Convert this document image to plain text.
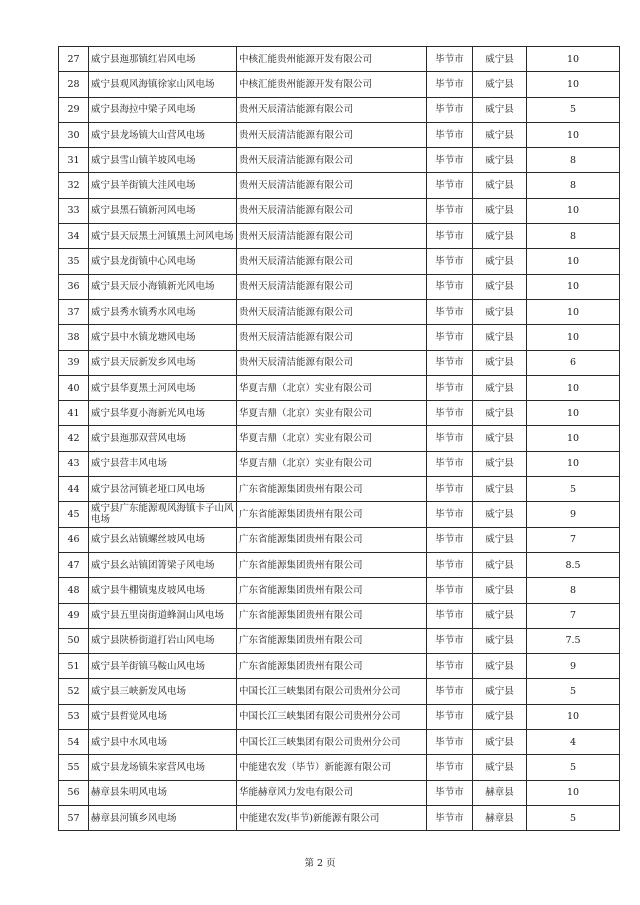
27	威宁县迤那镇红岩风电场	中核汇能贵州能源开发有限公司	毕节市	威宁县	10
28	威宁县观风海镇徐家山风电场	中核汇能贵州能源开发有限公司	毕节市	威宁县	10
29	威宁县海拉中梁子风电场	贵州天辰清洁能源有限公司	毕节市	威宁县	5
30	威宁县龙场镇大山营风电场	贵州天辰清洁能源有限公司	毕节市	威宁县	10
31	威宁县雪山镇羊坡风电场	贵州天辰清洁能源有限公司	毕节市	威宁县	8
32	威宁县羊街镇大洼风电场	贵州天辰清洁能源有限公司	毕节市	威宁县	8
33	威宁县黑石镇新河风电场	贵州天辰清洁能源有限公司	毕节市	威宁县	10
34	威宁县天辰黑土河镇黑土河风电场	贵州天辰清洁能源有限公司	毕节市	威宁县	8
35	威宁县龙街镇中心风电场	贵州天辰清洁能源有限公司	毕节市	威宁县	10
36	威宁县天辰小海镇新光风电场	贵州天辰清洁能源有限公司	毕节市	威宁县	10
37	威宁县秀水镇秀水风电场	贵州天辰清洁能源有限公司	毕节市	威宁县	10
38	威宁县中水镇龙塘风电场	贵州天辰清洁能源有限公司	毕节市	威宁县	10
39	威宁县天辰新发乡风电场	贵州天辰清洁能源有限公司	毕节市	威宁县	6
40	威宁县华夏黑土河风电场	华夏吉鼎（北京）实业有限公司	毕节市	威宁县	10
41	威宁县华夏小海新光风电场	华夏吉鼎（北京）实业有限公司	毕节市	威宁县	10
42	威宁县迤那双营风电场	华夏吉鼎（北京）实业有限公司	毕节市	威宁县	10
43	威宁县营丰风电场	华夏吉鼎（北京）实业有限公司	毕节市	威宁县	10
44	威宁县岔河镇老垭口风电场	广东省能源集团贵州有限公司	毕节市	威宁县	5
45	威宁县广东能源观风海镇卡子山风电场	广东省能源集团贵州有限公司	毕节市	威宁县	9
46	威宁县幺站镇螺丝坡风电场	广东省能源集团贵州有限公司	毕节市	威宁县	7
47	威宁县幺站镇团箐梁子风电场	广东省能源集团贵州有限公司	毕节市	威宁县	8.5
48	威宁县牛棚镇鬼皮坡风电场	广东省能源集团贵州有限公司	毕节市	威宁县	8
49	威宁县五里岗街道蜂洞山风电场	广东省能源集团贵州有限公司	毕节市	威宁县	7
50	威宁县陕桥街道打岩山风电场	广东省能源集团贵州有限公司	毕节市	威宁县	7.5
51	威宁县羊街镇马鞍山风电场	广东省能源集团贵州有限公司	毕节市	威宁县	9
52	威宁县三峡新发风电场	中国长江三峡集团有限公司贵州分公司	毕节市	威宁县	5
53	威宁县哲觉风电场	中国长江三峡集团有限公司贵州分公司	毕节市	威宁县	10
54	威宁县中水风电场	中国长江三峡集团有限公司贵州分公司	毕节市	威宁县	4
55	威宁县龙场镇朱家营风电场	中能建农发（毕节）新能源有限公司	毕节市	威宁县	5
56	赫章县朱明风电场	华能赫章风力发电有限公司	毕节市	赫章县	10
57	赫章县河镇乡风电场	中能建农发(毕节)新能源有限公司	毕节市	赫章县	5
第 2 页
